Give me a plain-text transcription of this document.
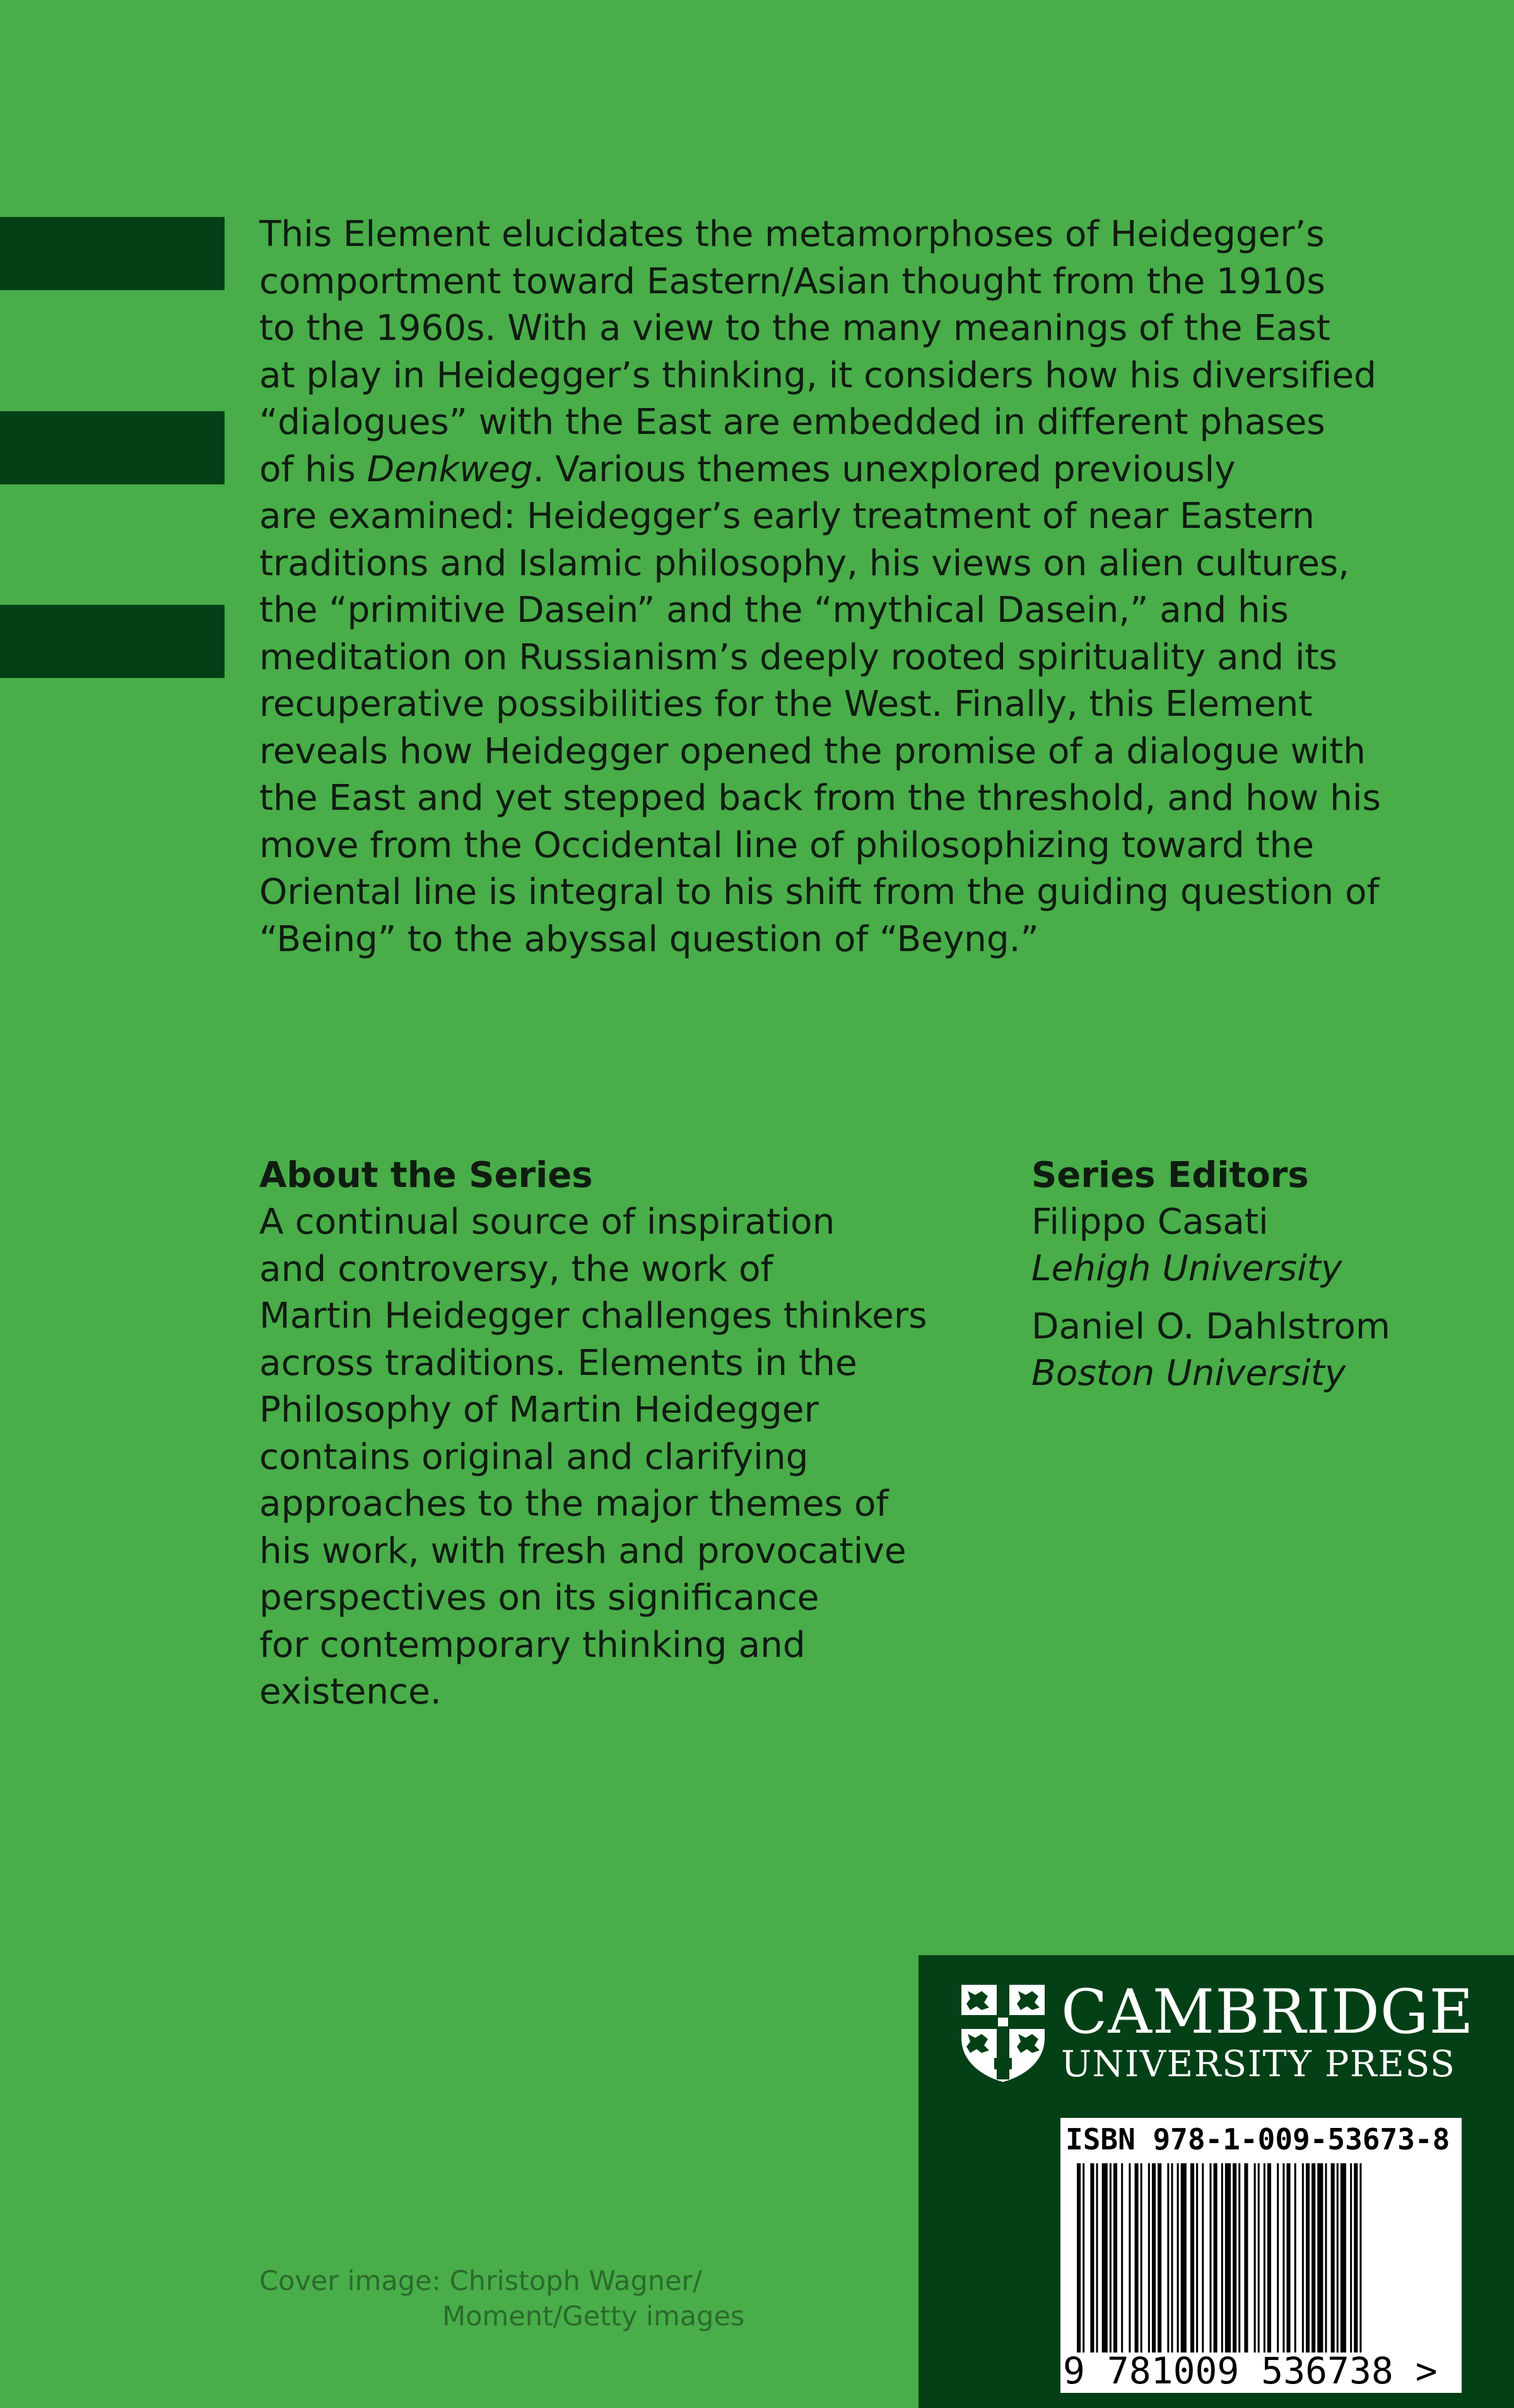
This Element elucidates the metamorphoses of Heidegger’s
comportment toward Eastern/Asian thought from the 1910s
to the 1960s. With a view to the many meanings of the East
at play in Heidegger’s thinking, it considers how his diversified
“dialogues” with the East are embedded in different phases
of his Denkweg. Various themes unexplored previously
are examined: Heidegger’s early treatment of near Eastern
traditions and Islamic philosophy, his views on alien cultures,
the “primitive Dasein” and the “mythical Dasein,” and his
meditation on Russianism’s deeply rooted spirituality and its
recuperative possibilities for the West. Finally, this Element
reveals how Heidegger opened the promise of a dialogue with
the East and yet stepped back from the threshold, and how his
move from the Occidental line of philosophizing toward the
Oriental line is integral to his shift from the guiding question of
“Being” to the abyssal question of “Beyng.”

About the Series

A continual source of inspiration
and controversy, the work of
Martin Heidegger challenges thinkers
across traditions. Elements in the
Philosophy of Martin Heidegger
contains original and clarifying
approaches to the major themes of
his work, with fresh and provocative
perspectives on its significance
for contemporary thinking and
existence.

Series Editors

Filippo Casati

Lehigh University

Daniel O. Dahlstrom

Boston University

Cover image: Christoph Wagner/
Moment/Getty images
CAMBRIDGE
UNIVERSITY PRESS
ISBN 978-1-009-53673-8
9 781009 536738 >
